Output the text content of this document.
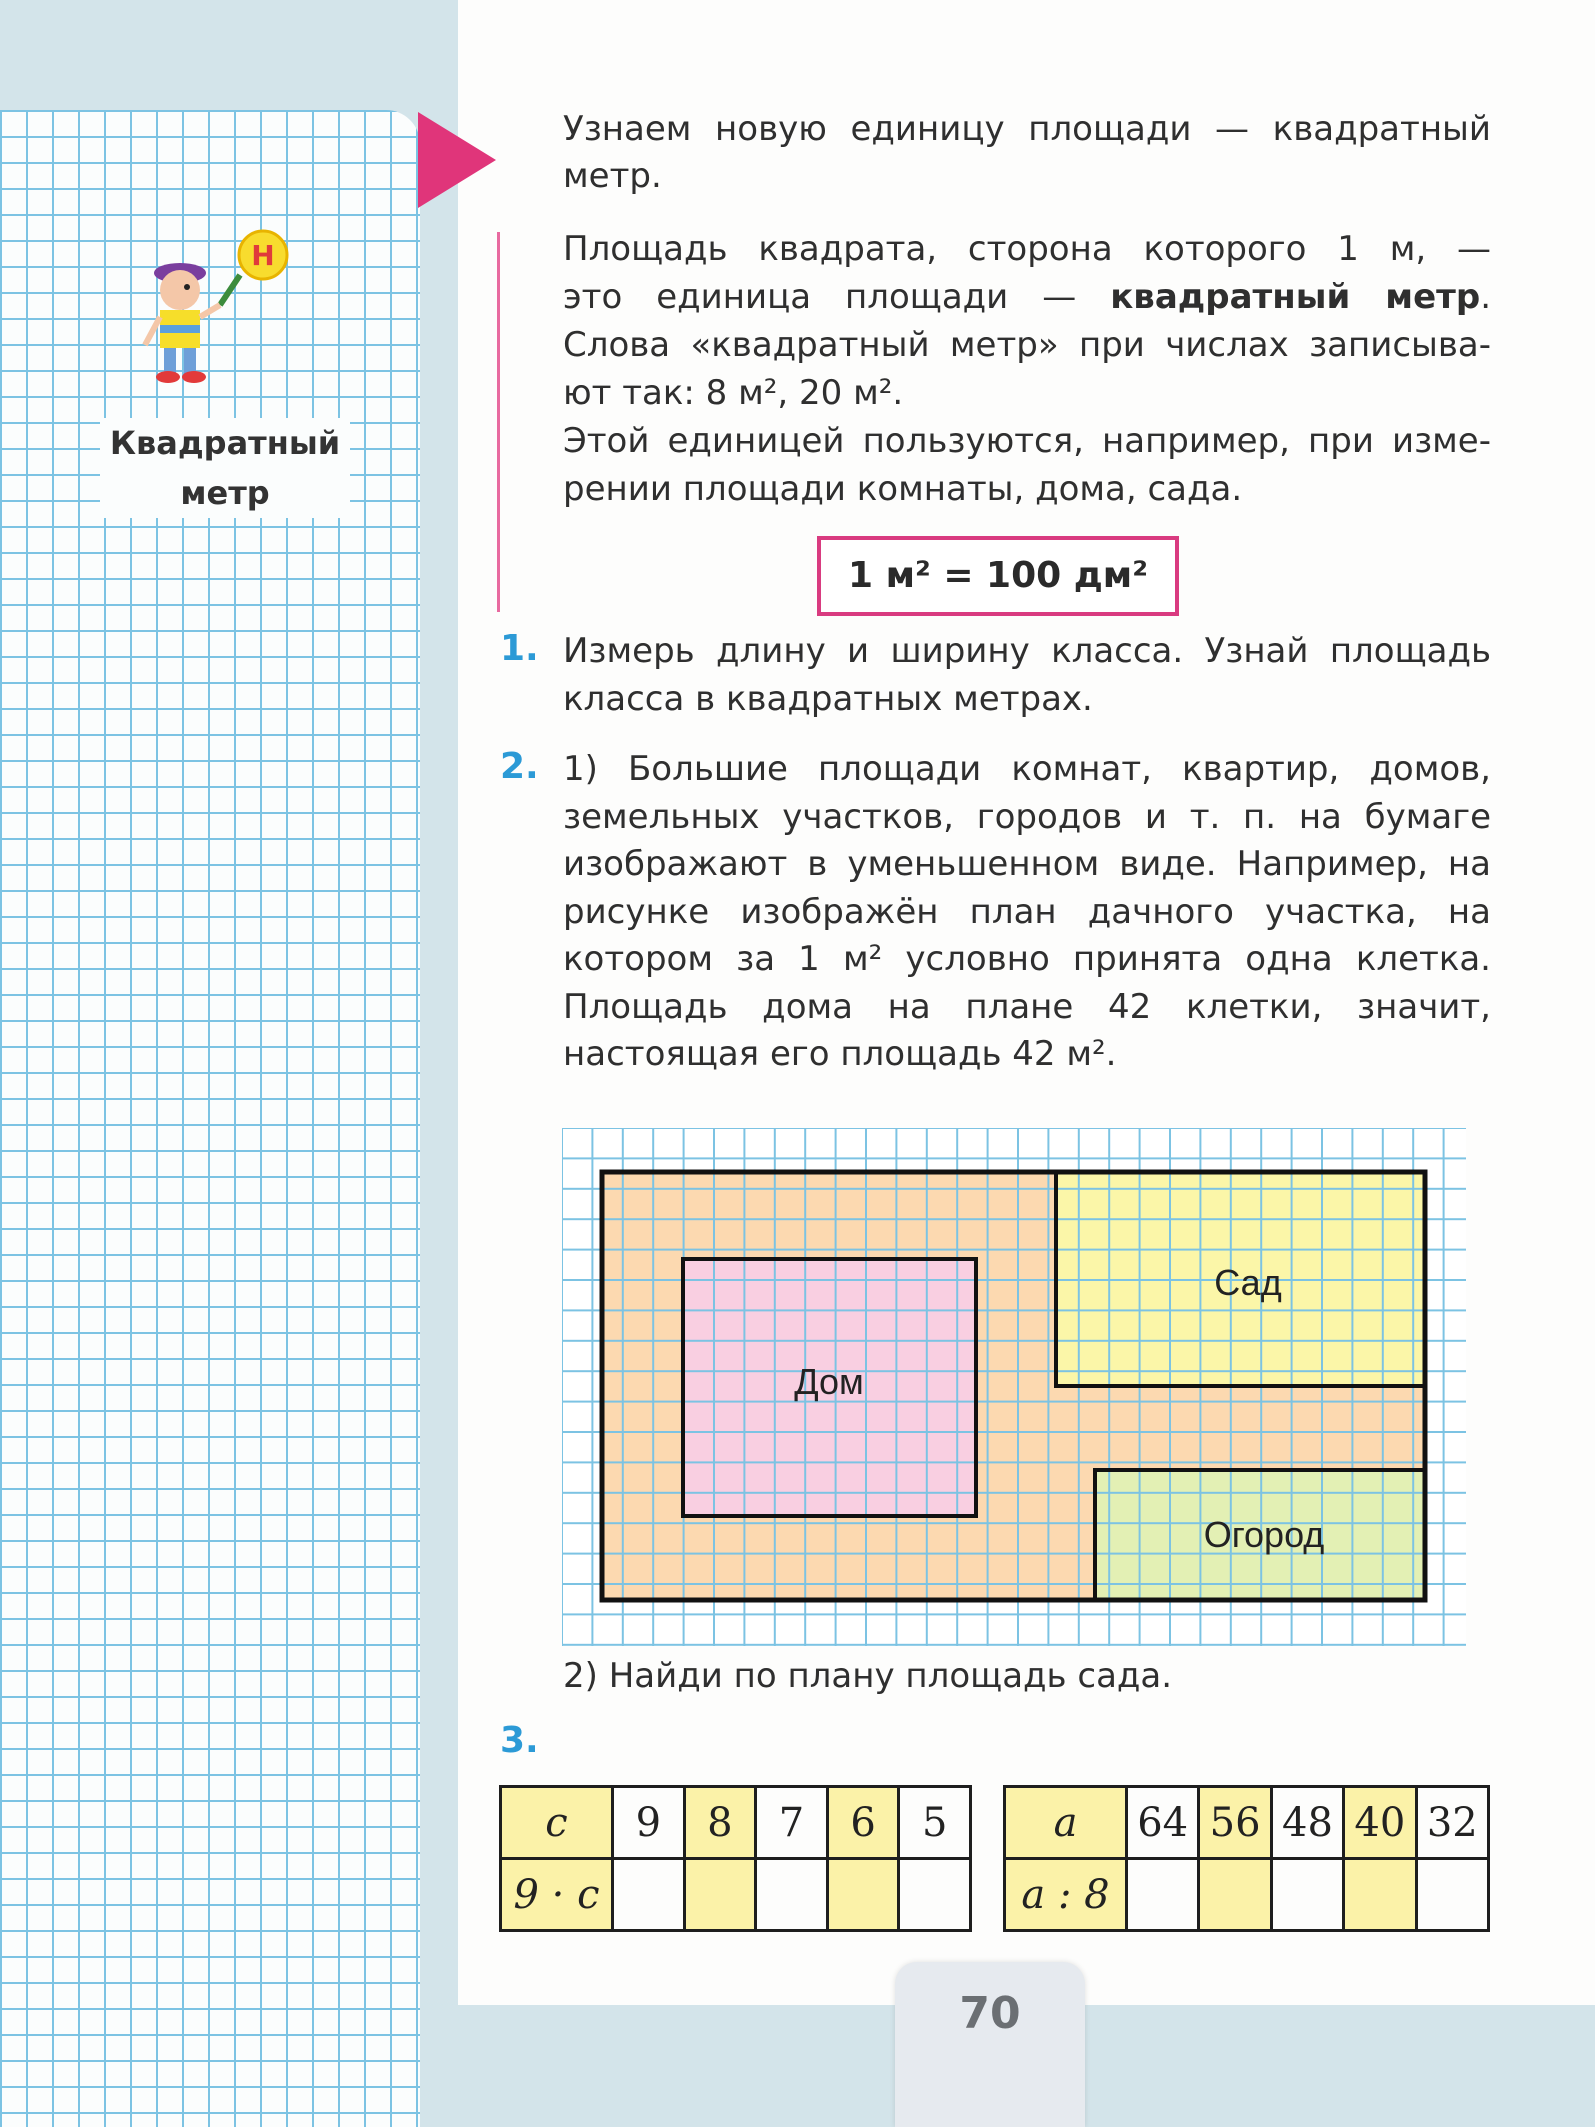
Н
Квадратный
метр
Узнаем новую единицу площади — квадратный
метр.
Площадь квадрата, сторона которого 1 м, —
это единица площади — квадратный метр.
Слова «квадратный метр» при числах записыва-
ют так: 8 м², 20 м².
Этой единицей пользуются, например, при изме-
рении площади комнаты, дома, сада.
1 м² = 100 дм²
1. Измерь длину и ширину класса. Узнай площадь
класса в квадратных метрах.
2. 1) Большие площади комнат, квартир, домов,
земельных участков, городов и т. п. на бумаге
изображают в уменьшенном виде. Например, на
рисунке изображён план дачного участка, на
котором за 1 м² условно принята одна клетка.
Площадь дома на плане 42 клетки, значит,
настоящая его площадь 42 м².
Дом
Сад
Огород
2) Найди по плану площадь сада.
3.
c	9	8	7	6	5
9 · c					
a	64	56	48	40	32
a : 8					
70
